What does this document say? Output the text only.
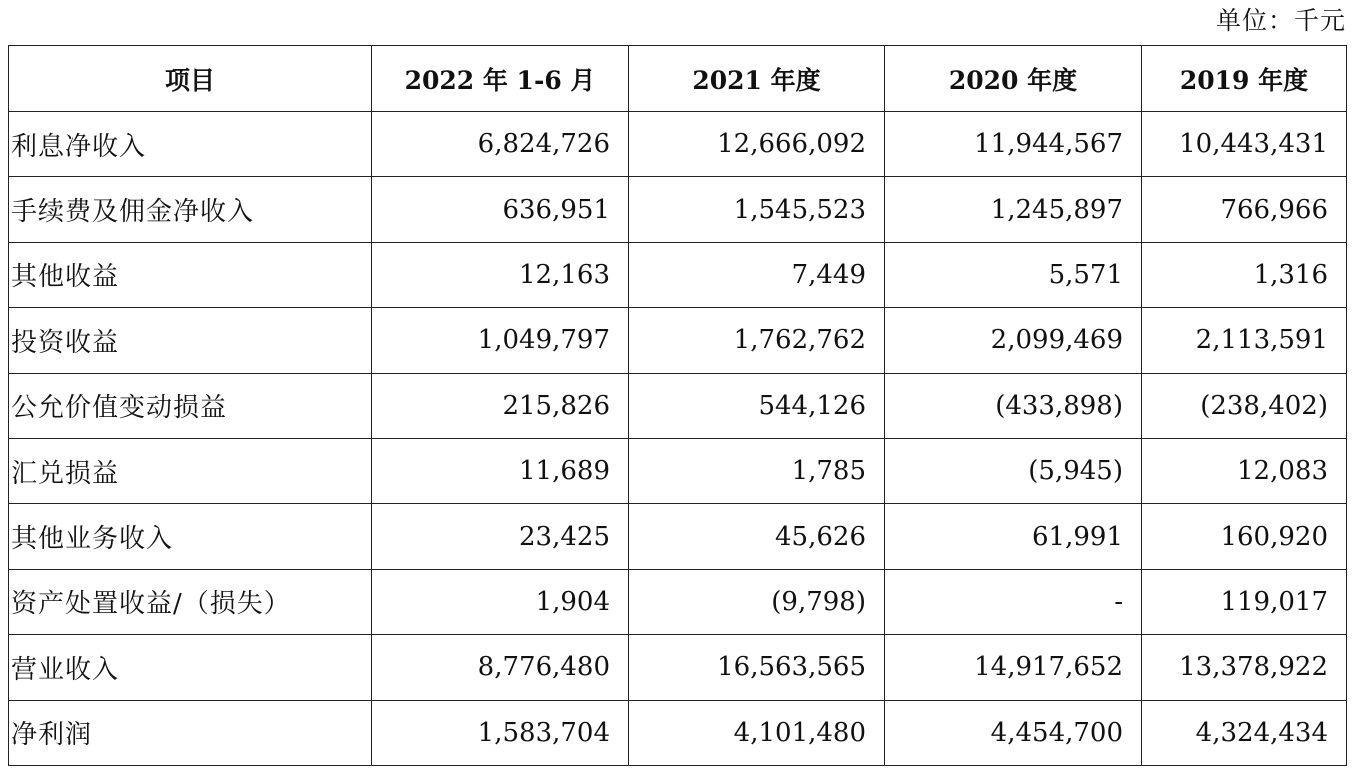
单位：千元
项目	2022 年 1-6 月	2021 年度	2020 年度	2019 年度
利息净收入	6,824,726	12,666,092	11,944,567	10,443,431
手续费及佣金净收入	636,951	1,545,523	1,245,897	766,966
其他收益	12,163	7,449	5,571	1,316
投资收益	1,049,797	1,762,762	2,099,469	2,113,591
公允价值变动损益	215,826	544,126	(433,898)	(238,402)
汇兑损益	11,689	1,785	(5,945)	12,083
其他业务收入	23,425	45,626	61,991	160,920
资产处置收益/（损失）	1,904	(9,798)	-	119,017
营业收入	8,776,480	16,563,565	14,917,652	13,378,922
净利润	1,583,704	4,101,480	4,454,700	4,324,434
